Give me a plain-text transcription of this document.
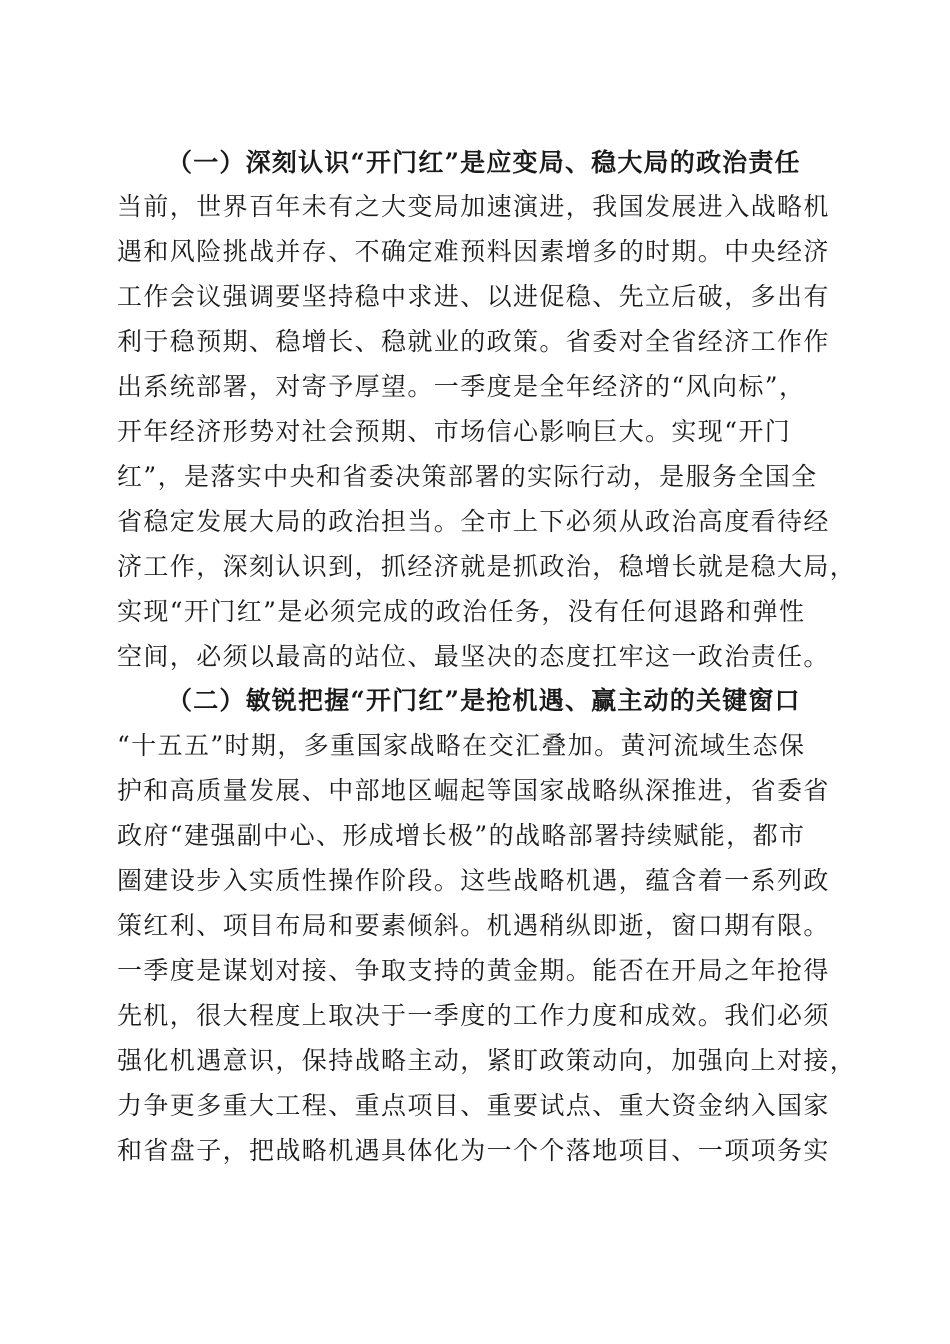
（一）深刻认识“开门红”是应变局、稳大局的政治责任
当前，世界百年未有之大变局加速演进，我国发展进入战略机
遇和风险挑战并存、不确定难预料因素增多的时期。中央经济
工作会议强调要坚持稳中求进、以进促稳、先立后破，多出有
利于稳预期、稳增长、稳就业的政策。省委对全省经济工作作
出系统部署，对寄予厚望。一季度是全年经济的“风向标”，
开年经济形势对社会预期、市场信心影响巨大。实现“开门
红”，是落实中央和省委决策部署的实际行动，是服务全国全
省稳定发展大局的政治担当。全市上下必须从政治高度看待经
济工作，深刻认识到，抓经济就是抓政治，稳增长就是稳大局，
实现“开门红”是必须完成的政治任务，没有任何退路和弹性
空间，必须以最高的站位、最坚决的态度扛牢这一政治责任。
（二）敏锐把握“开门红”是抢机遇、赢主动的关键窗口
“十五五”时期，多重国家战略在交汇叠加。黄河流域生态保
护和高质量发展、中部地区崛起等国家战略纵深推进，省委省
政府“建强副中心、形成增长极”的战略部署持续赋能，都市
圈建设步入实质性操作阶段。这些战略机遇，蕴含着一系列政
策红利、项目布局和要素倾斜。机遇稍纵即逝，窗口期有限。
一季度是谋划对接、争取支持的黄金期。能否在开局之年抢得
先机，很大程度上取决于一季度的工作力度和成效。我们必须
强化机遇意识，保持战略主动，紧盯政策动向，加强向上对接，
力争更多重大工程、重点项目、重要试点、重大资金纳入国家
和省盘子，把战略机遇具体化为一个个落地项目、一项项务实
